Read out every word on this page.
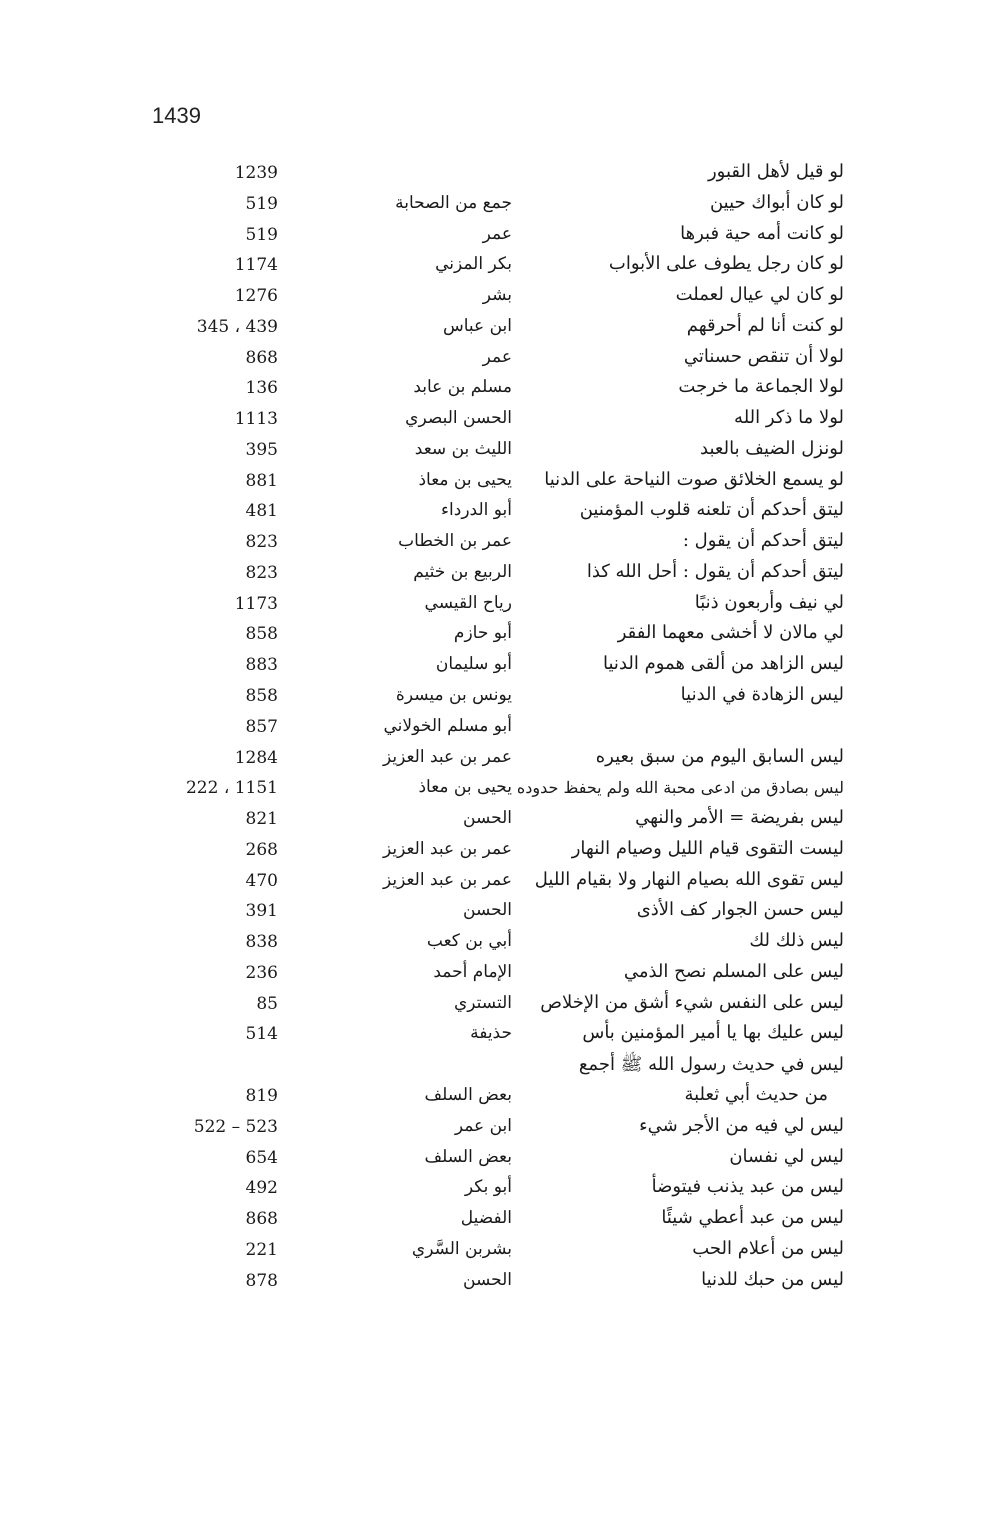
1439
لو قيل لأهل القبور
1239
لو كان أبواك حيين
جمع من الصحابة
519
لو كانت أمه حية فبرها
عمر
519
لو كان رجل يطوف على الأبواب
بكر المزني
1174
لو كان لي عيال لعملت
بشر
1276
لو كنت أنا لم أحرقهم
ابن عباس
345 ، 439
لولا أن تنقص حسناتي
عمر
868
لولا الجماعة ما خرجت
مسلم بن عابد
136
لولا ما ذكر الله
الحسن البصري
1113
لونزل الضيف بالعبد
الليث بن سعد
395
لو يسمع الخلائق صوت النياحة على الدنيا
يحيى بن معاذ
881
ليتق أحدكم أن تلعنه قلوب المؤمنين
أبو الدرداء
481
ليتق أحدكم أن يقول :
عمر بن الخطاب
823
ليتق أحدكم أن يقول : أحل الله كذا
الربيع بن خثيم
823
لي نيف وأربعون ذنبًا
رياح القيسي
1173
لي مالان لا أخشى معهما الفقر
أبو حازم
858
ليس الزاهد من ألقى هموم الدنيا
أبو سليمان
883
ليس الزهادة في الدنيا
يونس بن ميسرة
858
أبو مسلم الخولاني
857
ليس السابق اليوم من سبق بعيره
عمر بن عبد العزيز
1284
ليس بصادق من ادعى محبة الله ولم يحفظ حدوده
يحيى بن معاذ
222 ، 1151
ليس بفريضة = الأمر والنهي
الحسن
821
ليست التقوى قيام الليل وصيام النهار
عمر بن عبد العزيز
268
ليس تقوى الله بصيام النهار ولا بقيام الليل
عمر بن عبد العزيز
470
ليس حسن الجوار كف الأذى
الحسن
391
ليس ذلك لك
أبي بن كعب
838
ليس على المسلم نصح الذمي
الإمام أحمد
236
ليس على النفس شيء أشق من الإخلاص
التستري
85
ليس عليك بها يا أمير المؤمنين بأس
حذيفة
514
ليس في حديث رسول الله ﷺ أجمع
من حديث أبي ثعلبة
بعض السلف
819
ليس لي فيه من الأجر شيء
ابن عمر
522 – 523
ليس لي نفسان
بعض السلف
654
ليس من عبد يذنب فيتوضأ
أبو بكر
492
ليس من عبد أعطي شيئًا
الفضيل
868
ليس من أعلام الحب
بشربن السَّري
221
ليس من حبك للدنيا
الحسن
878
